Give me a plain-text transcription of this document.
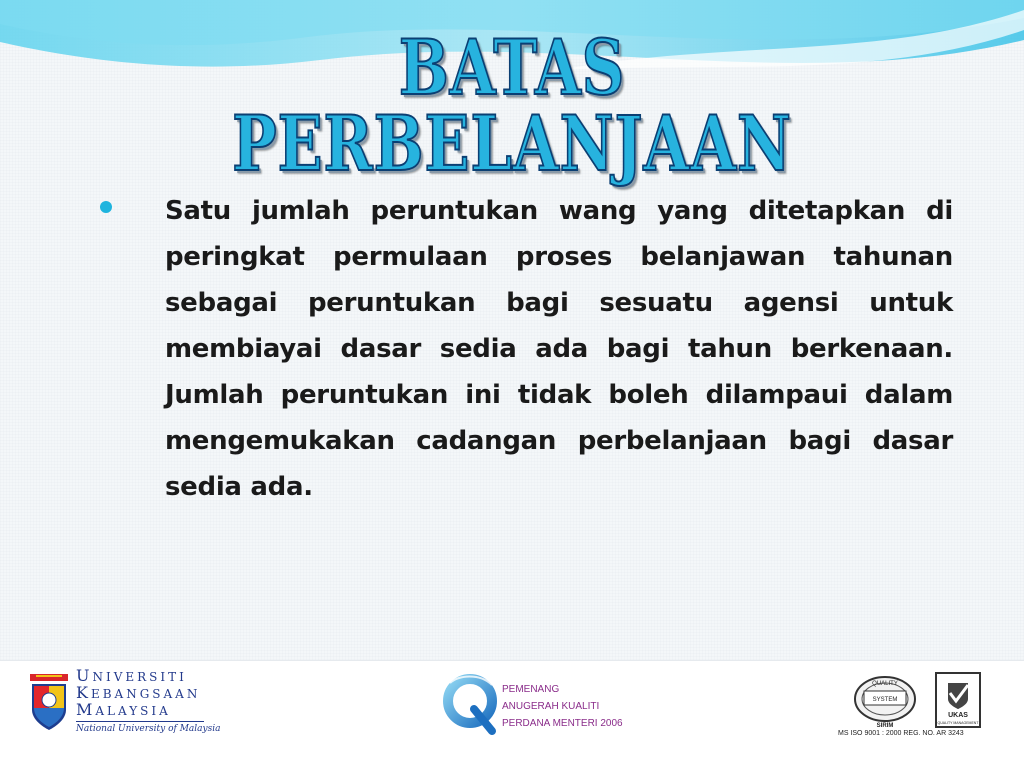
BATAS PERBELANJAAN
Satu jumlah peruntukan wang yang ditetapkan di peringkat permulaan proses belanjawan tahunan sebagai peruntukan bagi sesuatu agensi untuk membiayai dasar sedia ada bagi tahun berkenaan. Jumlah peruntukan ini tidak boleh dilampaui dalam mengemukakan cadangan perbelanjaan bagi dasar sedia ada.
UNIVERSITI
KEBANGSAAN
MALAYSIA
National University of Malaysia
PEMENANG
ANUGERAH KUALITI
PERDANA MENTERI 2006
QUALITY
SYSTEM
SIRIM
UKAS
QUALITY MANAGEMENT
MS ISO 9001 : 2000 REG. NO. AR 3243
